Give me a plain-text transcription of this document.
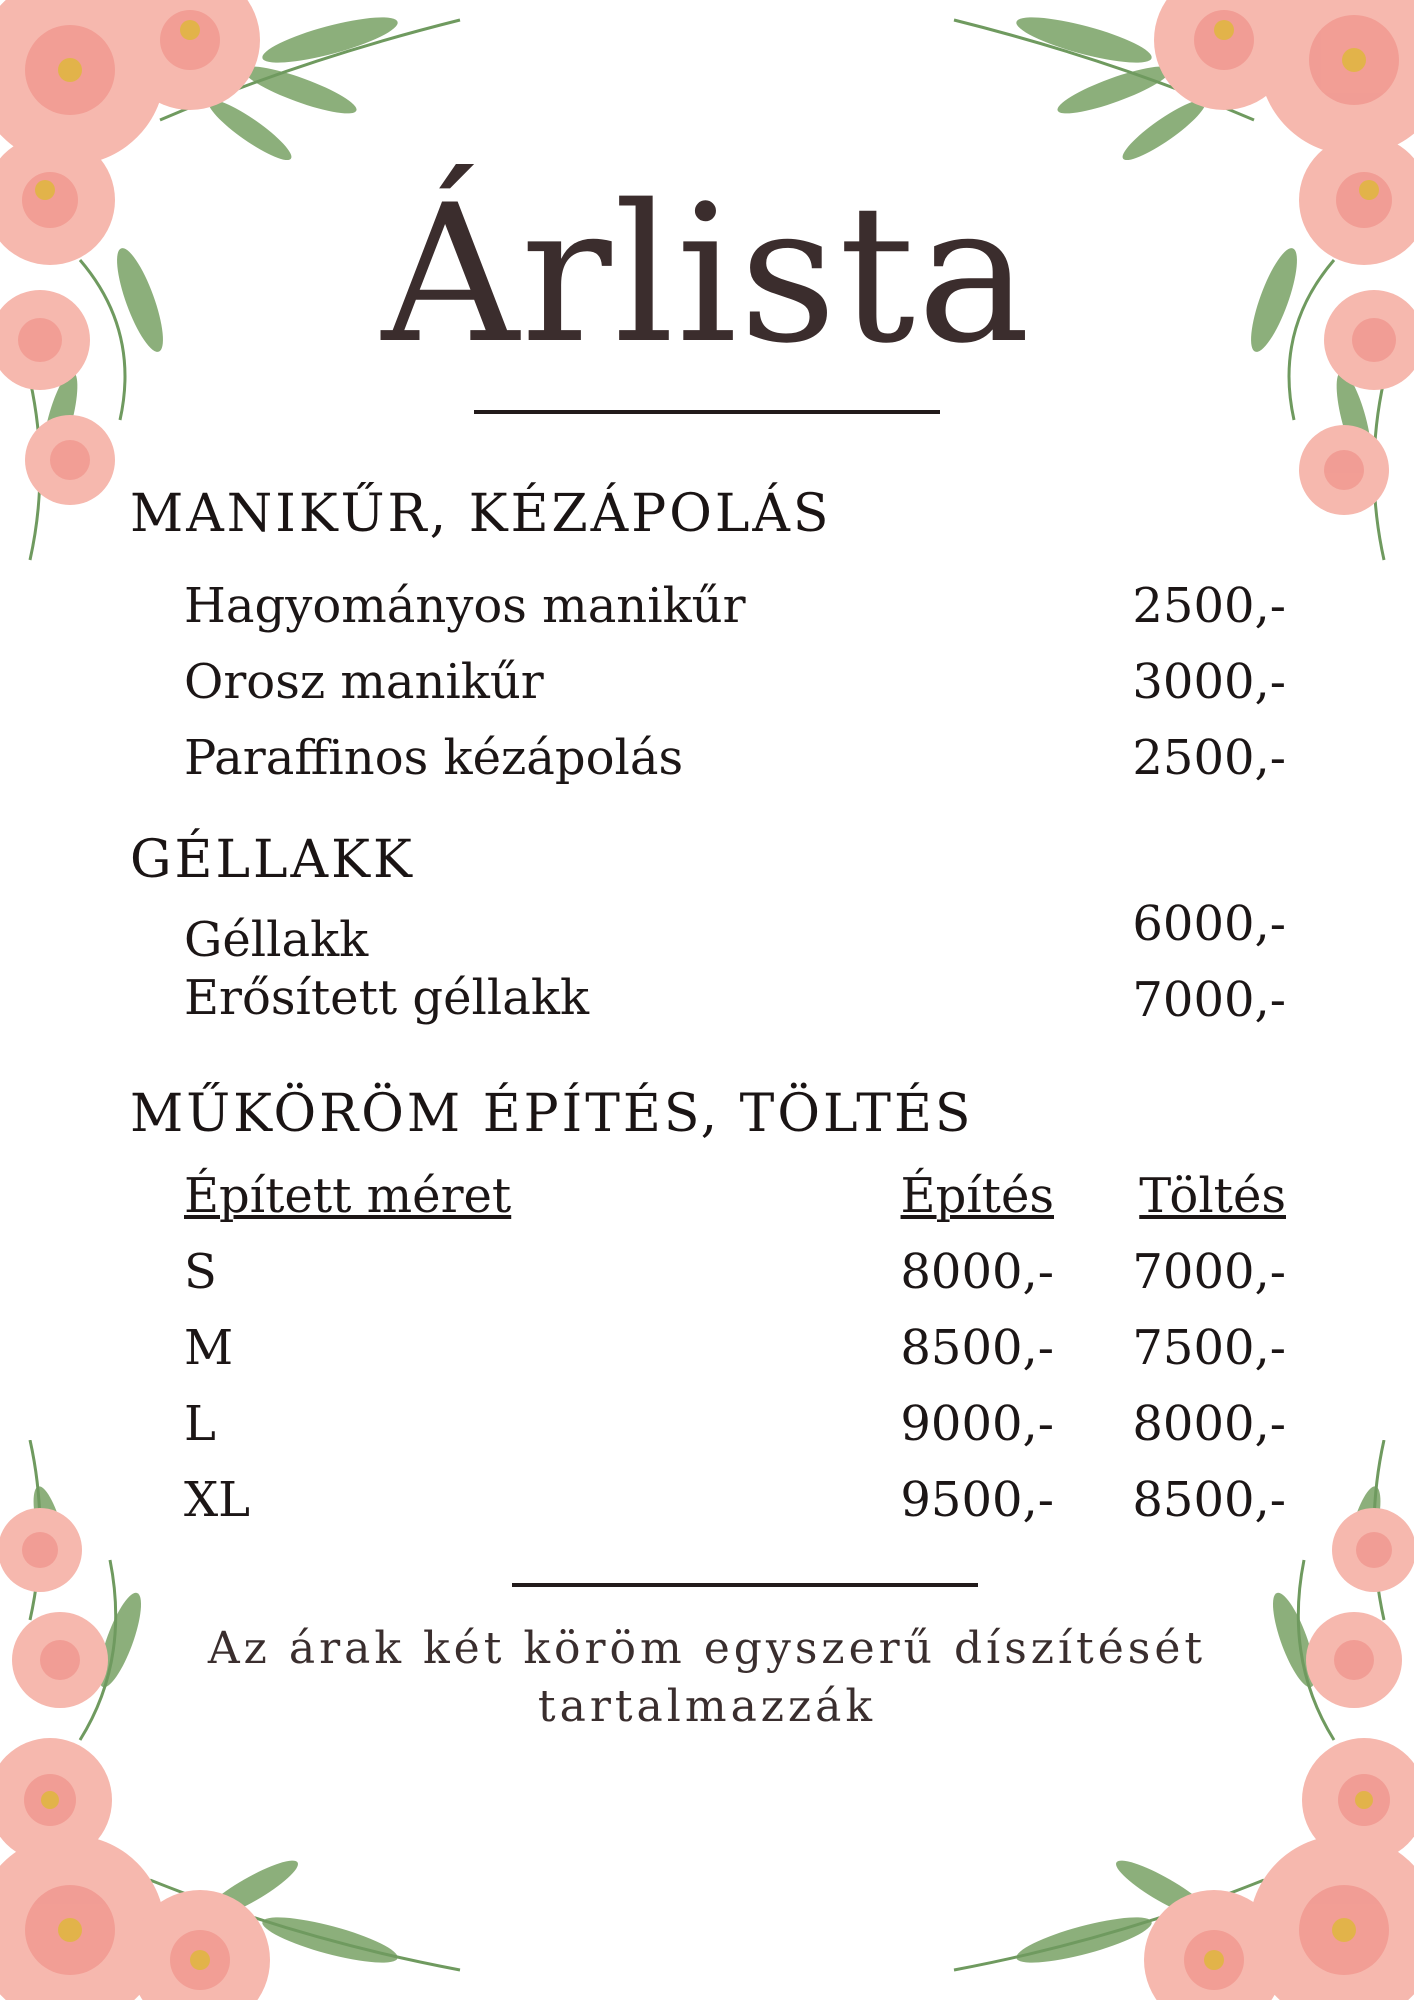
Árlista
MANIKŰR, KÉZÁPOLÁS
Hagyományos manikűr	2500,-
Orosz manikűr	3000,-
Paraffinos kézápolás	2500,-
GÉLLAKK
Géllakk	6000,-
Erősített géllakk	7000,-
MŰKÖRÖM ÉPÍTÉS, TÖLTÉS
Épített méret	Építés Töltés
S	8000,- 7000,-
M	8500,- 7500,-
L	9000,- 8000,-
XL	9500,- 8500,-
Az árak két köröm egyszerű díszítését
tartalmazzák
